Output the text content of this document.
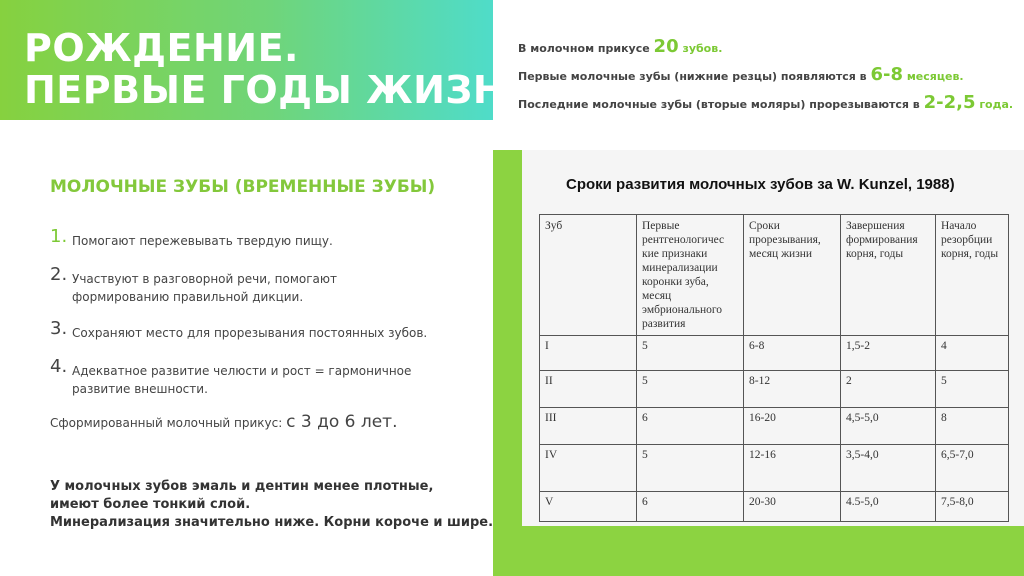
РОЖДЕНИЕ.
ПЕРВЫЕ ГОДЫ ЖИЗНИ
В молочном прикусе 20 зубов.
Первые молочные зубы (нижние резцы) появляются в 6-8 месяцев.
Последние молочные зубы (вторые моляры) прорезываются в 2-2,5 года.
МОЛОЧНЫЕ ЗУБЫ (ВРЕМЕННЫЕ ЗУБЫ)
1. Помогают пережевывать твердую пищу.
2. Участвуют в разговорной речи, помогают формированию правильной дикции.
3. Сохраняют место для прорезывания постоянных зубов.
4. Адекватное развитие челюсти и рост = гармоничное развитие внешности.
Сформированный молочный прикус: с 3 до 6 лет.
У молочных зубов эмаль и дентин менее плотные,
имеют более тонкий слой.
Минерализация значительно ниже. Корни короче и шире.
Сроки развития молочных зубов за W. Kunzel, 1988)
Зуб	Первые рентгенологичес кие признаки минерализации коронки зуба, месяц эмбрионального развития	Сроки прорезывания, месяц жизни	Завершения формирования корня, годы	Начало резорбции корня, годы
I	5	6-8	1,5-2	4
II	5	8-12	2	5
III	6	16-20	4,5-5,0	8
IV	5	12-16	3,5-4,0	6,5-7,0
V	6	20-30	4.5-5,0	7,5-8,0
